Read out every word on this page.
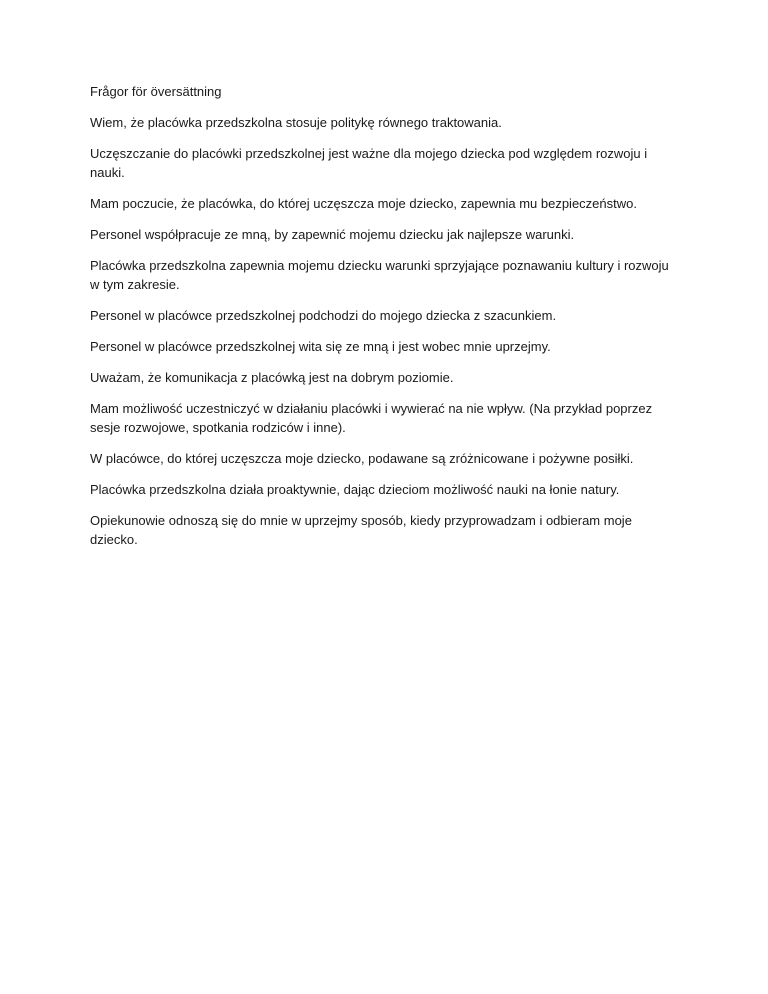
Frågor för översättning

Wiem, że placówka przedszkolna stosuje politykę równego traktowania.

Uczęszczanie do placówki przedszkolnej jest ważne dla mojego dziecka pod względem rozwoju i nauki.

Mam poczucie, że placówka, do której uczęszcza moje dziecko, zapewnia mu bezpieczeństwo.

Personel współpracuje ze mną, by zapewnić mojemu dziecku jak najlepsze warunki.

Placówka przedszkolna zapewnia mojemu dziecku warunki sprzyjające poznawaniu kultury i rozwoju w tym zakresie.

Personel w placówce przedszkolnej podchodzi do mojego dziecka z szacunkiem.

Personel w placówce przedszkolnej wita się ze mną i jest wobec mnie uprzejmy.

Uważam, że komunikacja z placówką jest na dobrym poziomie.

Mam możliwość uczestniczyć w działaniu placówki i wywierać na nie wpływ. (Na przykład poprzez sesje rozwojowe, spotkania rodziców i inne).

W placówce, do której uczęszcza moje dziecko, podawane są zróżnicowane i pożywne posiłki.

Placówka przedszkolna działa proaktywnie, dając dzieciom możliwość nauki na łonie natury.

Opiekunowie odnoszą się do mnie w uprzejmy sposób, kiedy przyprowadzam i odbieram moje dziecko.
